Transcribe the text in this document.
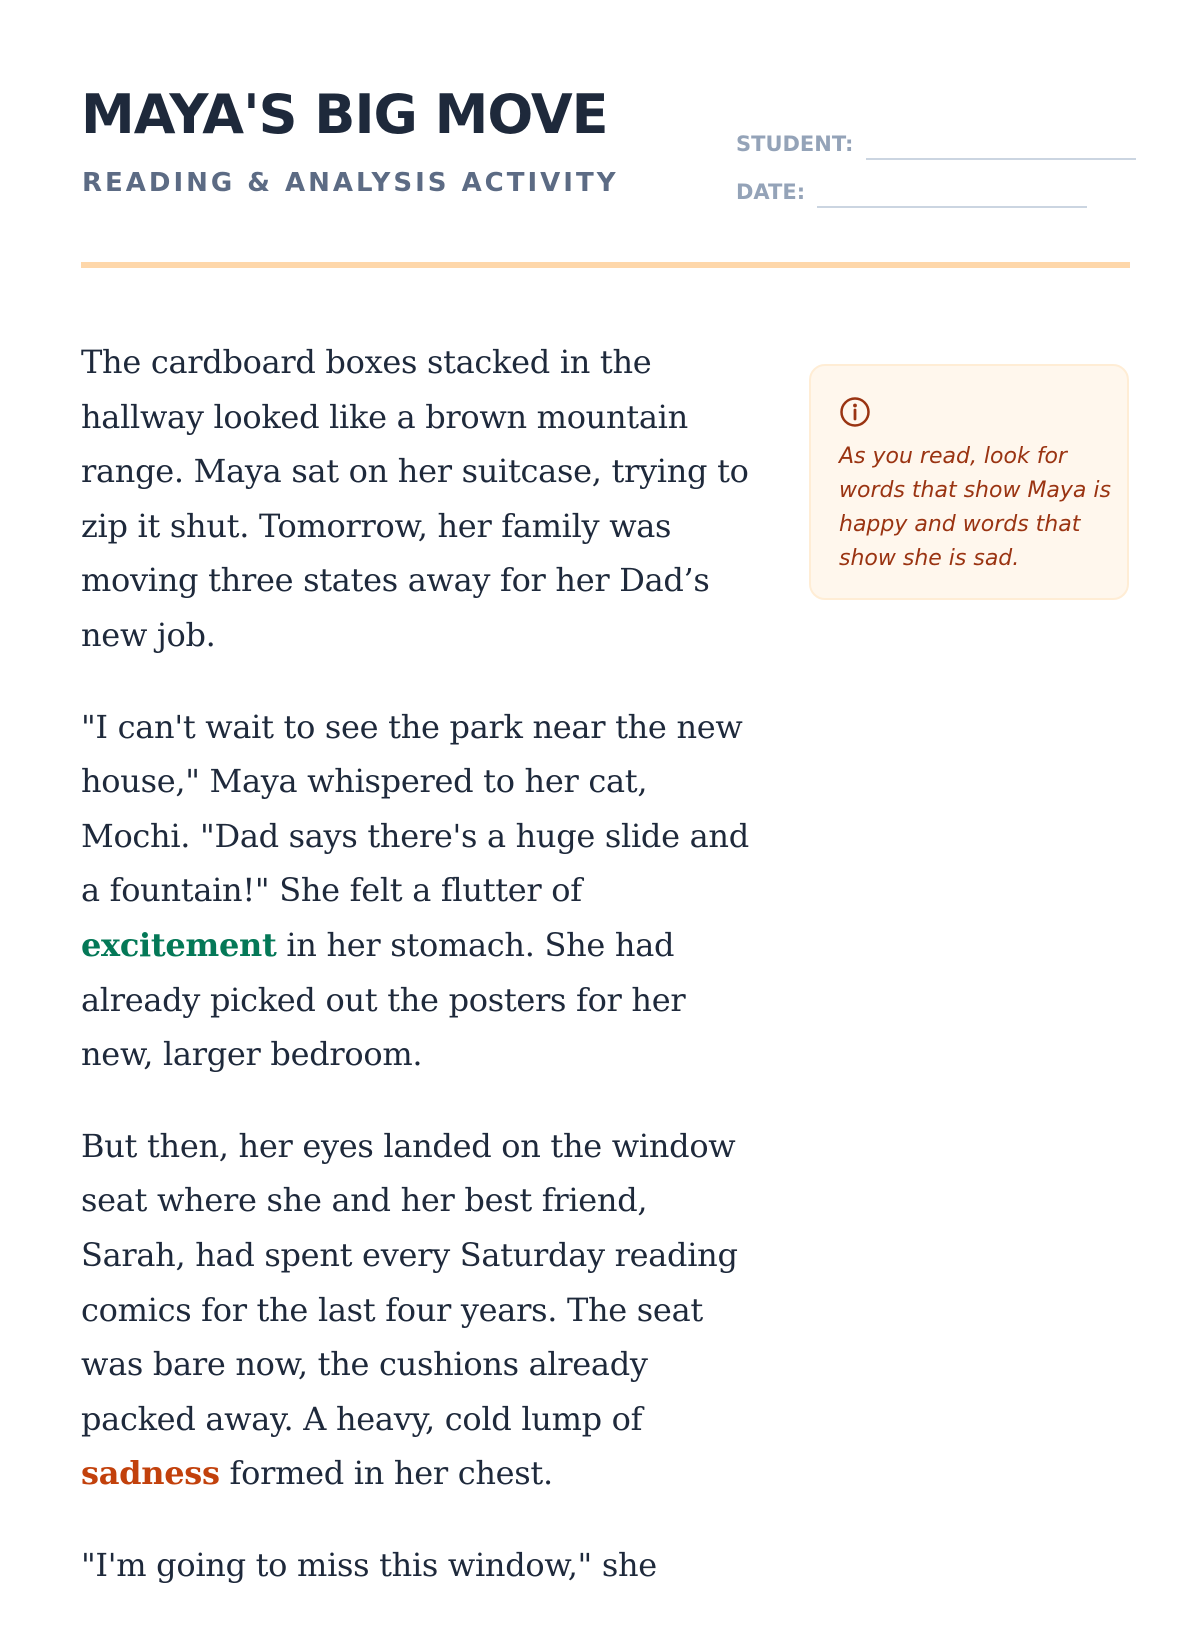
MAYA'S BIG MOVE
READING & ANALYSIS ACTIVITY
STUDENT:
DATE:

The cardboard boxes stacked in the
hallway looked like a brown mountain
range. Maya sat on her suitcase, trying to
zip it shut. Tomorrow, her family was
moving three states away for her Dad’s
new job.

"I can't wait to see the park near the new
house," Maya whispered to her cat,
Mochi. "Dad says there's a huge slide and
a fountain!" She felt a flutter of
excitement in her stomach. She had
already picked out the posters for her
new, larger bedroom.

But then, her eyes landed on the window
seat where she and her best friend,
Sarah, had spent every Saturday reading
comics for the last four years. The seat
was bare now, the cushions already
packed away. A heavy, cold lump of
sadness formed in her chest.

"I'm going to miss this window," she

As you read, look for
words that show Maya is
happy and words that
show she is sad.
